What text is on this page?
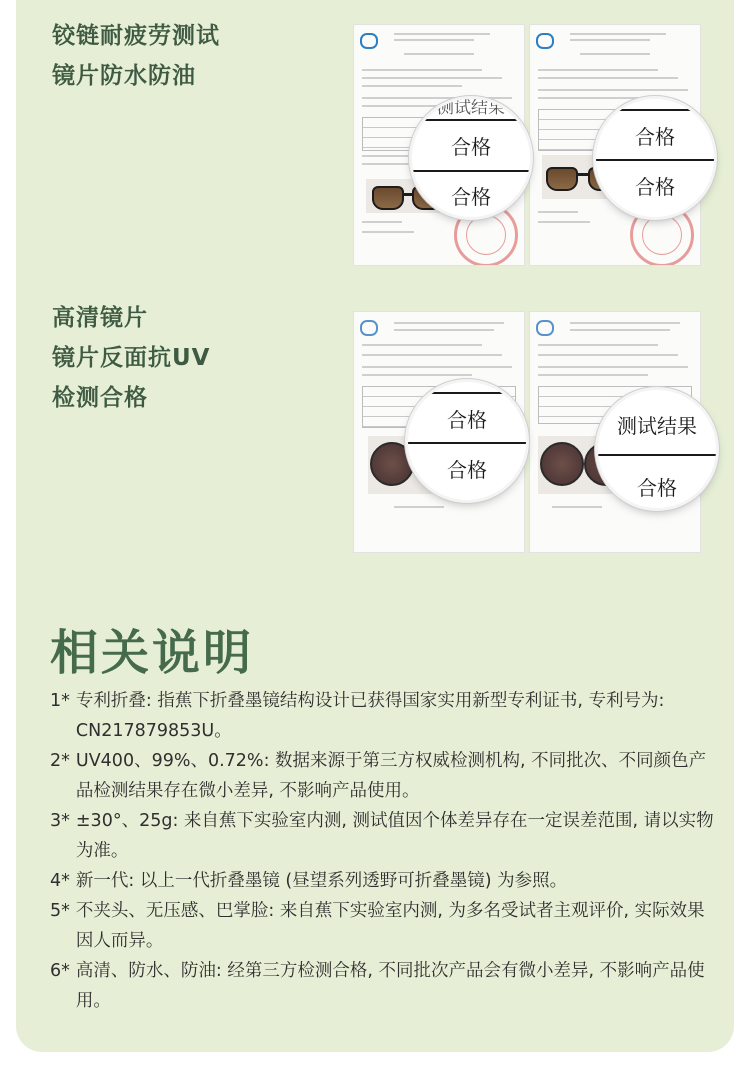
铰链耐疲劳测试
镜片防水防油
测试结果
合格
合格
合格
合格
高清镜片
镜片反面抗UV
检测合格
合格
合格
测试结果
合格
相关说明
1* 专利折叠: 指蕉下折叠墨镜结构设计已获得国家实用新型专利证书, 专利号为: CN217879853U。
2* UV400、99%、0.72%: 数据来源于第三方权威检测机构, 不同批次、不同颜色产品检测结果存在微小差异, 不影响产品使用。
3* ±30°、25g: 来自蕉下实验室内测, 测试值因个体差异存在一定误差范围, 请以实物为准。
4* 新一代: 以上一代折叠墨镜 (昼望系列透野可折叠墨镜) 为参照。
5* 不夹头、无压感、巴掌脸: 来自蕉下实验室内测, 为多名受试者主观评价, 实际效果因人而异。
6* 高清、防水、防油: 经第三方检测合格, 不同批次产品会有微小差异, 不影响产品使用。
